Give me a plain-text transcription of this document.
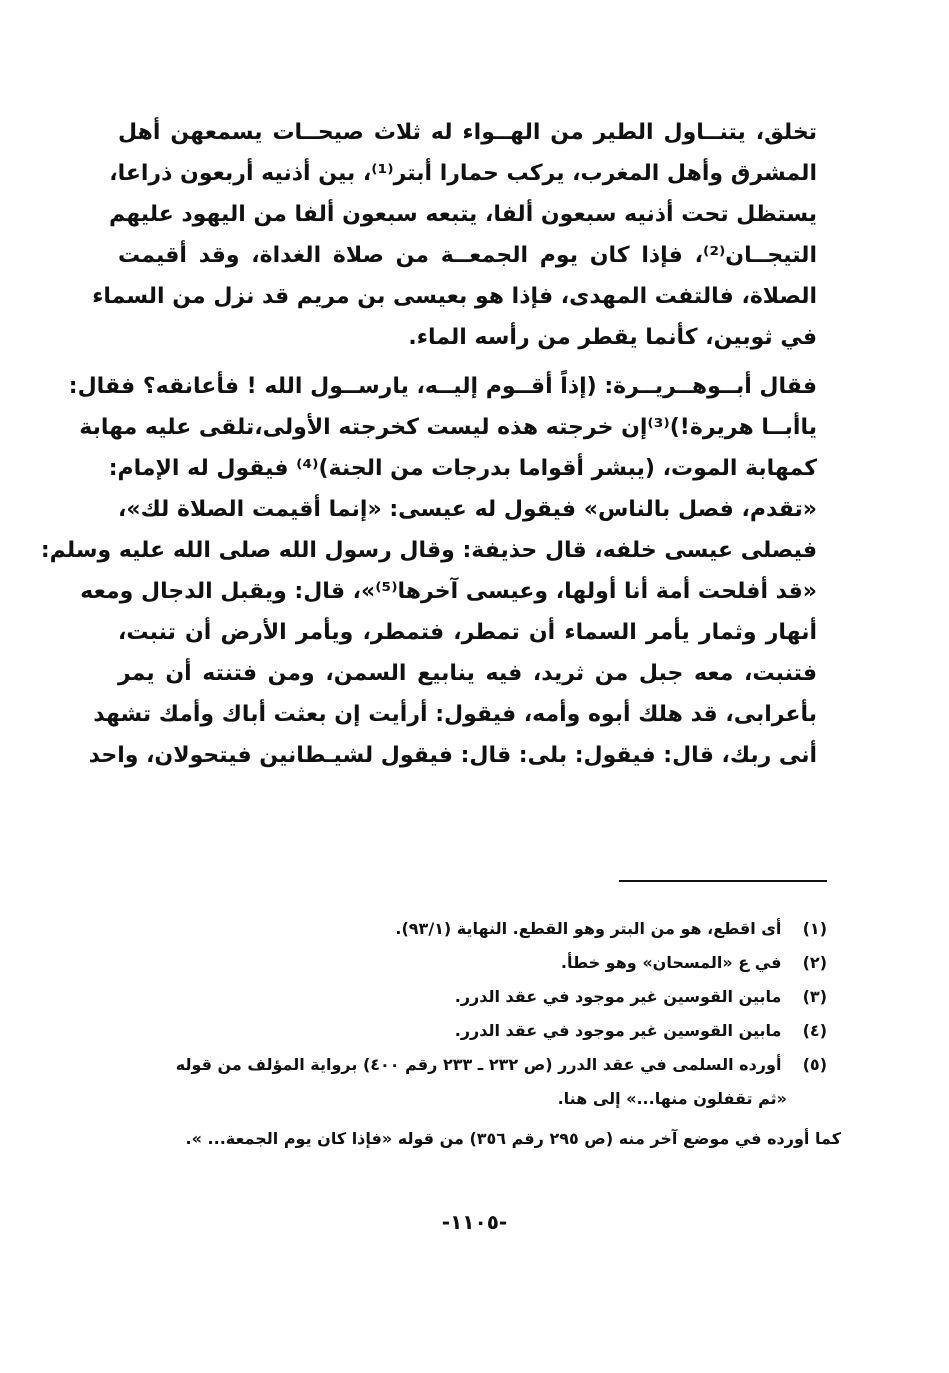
تخلق، يتنــاول الطير من الهــواء له ثلاث صيحــات يسمعهن أهل
المشرق وأهل المغرب، يركب حمارا أبتر⁽¹⁾، بين أذنيه أربعون ذراعا،
يستظل تحت أذنيه سبعون ألفا، يتبعه سبعون ألفا من اليهود عليهم
التيجــان⁽²⁾، فإذا كان يوم الجمعــة من صلاة الغداة، وقد أقيمت
الصلاة، فالتفت المهدى، فإذا هو بعيسى بن مريم قد نزل من السماء
في ثوبين، كأنما يقطر من رأسه الماء.
فقال أبــوهــريــرة: (إذاً أقــوم إليــه، يارســول الله ! فأعانقه؟ فقال:
ياأبــا هريرة!)⁽³⁾إن خرجته هذه ليست كخرجته الأولى،تلقى عليه مهابة
كمهابة الموت، (يبشر أقواما بدرجات من الجنة)⁽⁴⁾ فيقول له الإمام:
«تقدم، فصل بالناس» فيقول له عيسى: «إنما أقيمت الصلاة لك»،
فيصلى عيسى خلفه، قال حذيفة: وقال رسول الله صلى الله عليه وسلم:
«قد أفلحت أمة أنا أولها، وعيسى آخرها⁽⁵⁾»، قال: ويقبل الدجال ومعه
أنهار وثمار يأمر السماء أن تمطر، فتمطر، ويأمر الأرض أن تنبت،
فتنبت، معه جبل من ثريد، فيه ينابيع السمن، ومن فتنته أن يمر
بأعرابى، قد هلك أبوه وأمه، فيقول: أرأيت إن بعثت أباك وأمك تشهد
أنى ربك، قال: فيقول: بلى: قال: فيقول لشيـطانين فيتحولان، واحد
(١) أى اقطع، هو من البتر وهو القطع. النهاية (٩٣/١).
(٢) في ع «المسحان» وهو خطأ.
(٣) مابين القوسين غير موجود في عقد الدرر.
(٤) مابين القوسين غير موجود في عقد الدرر.
(٥) أورده السلمى في عقد الدرر (ص ٢٣٢ ـ ٢٣٣ رقم ٤٠٠) برواية المؤلف من قوله
«ثم تقفلون منها...» إلى هنا.
كما أورده في موضع آخر منه (ص ٢٩٥ رقم ٣٥٦) من قوله «فإذا كان يوم الجمعة... ».
-١١٠٥-
